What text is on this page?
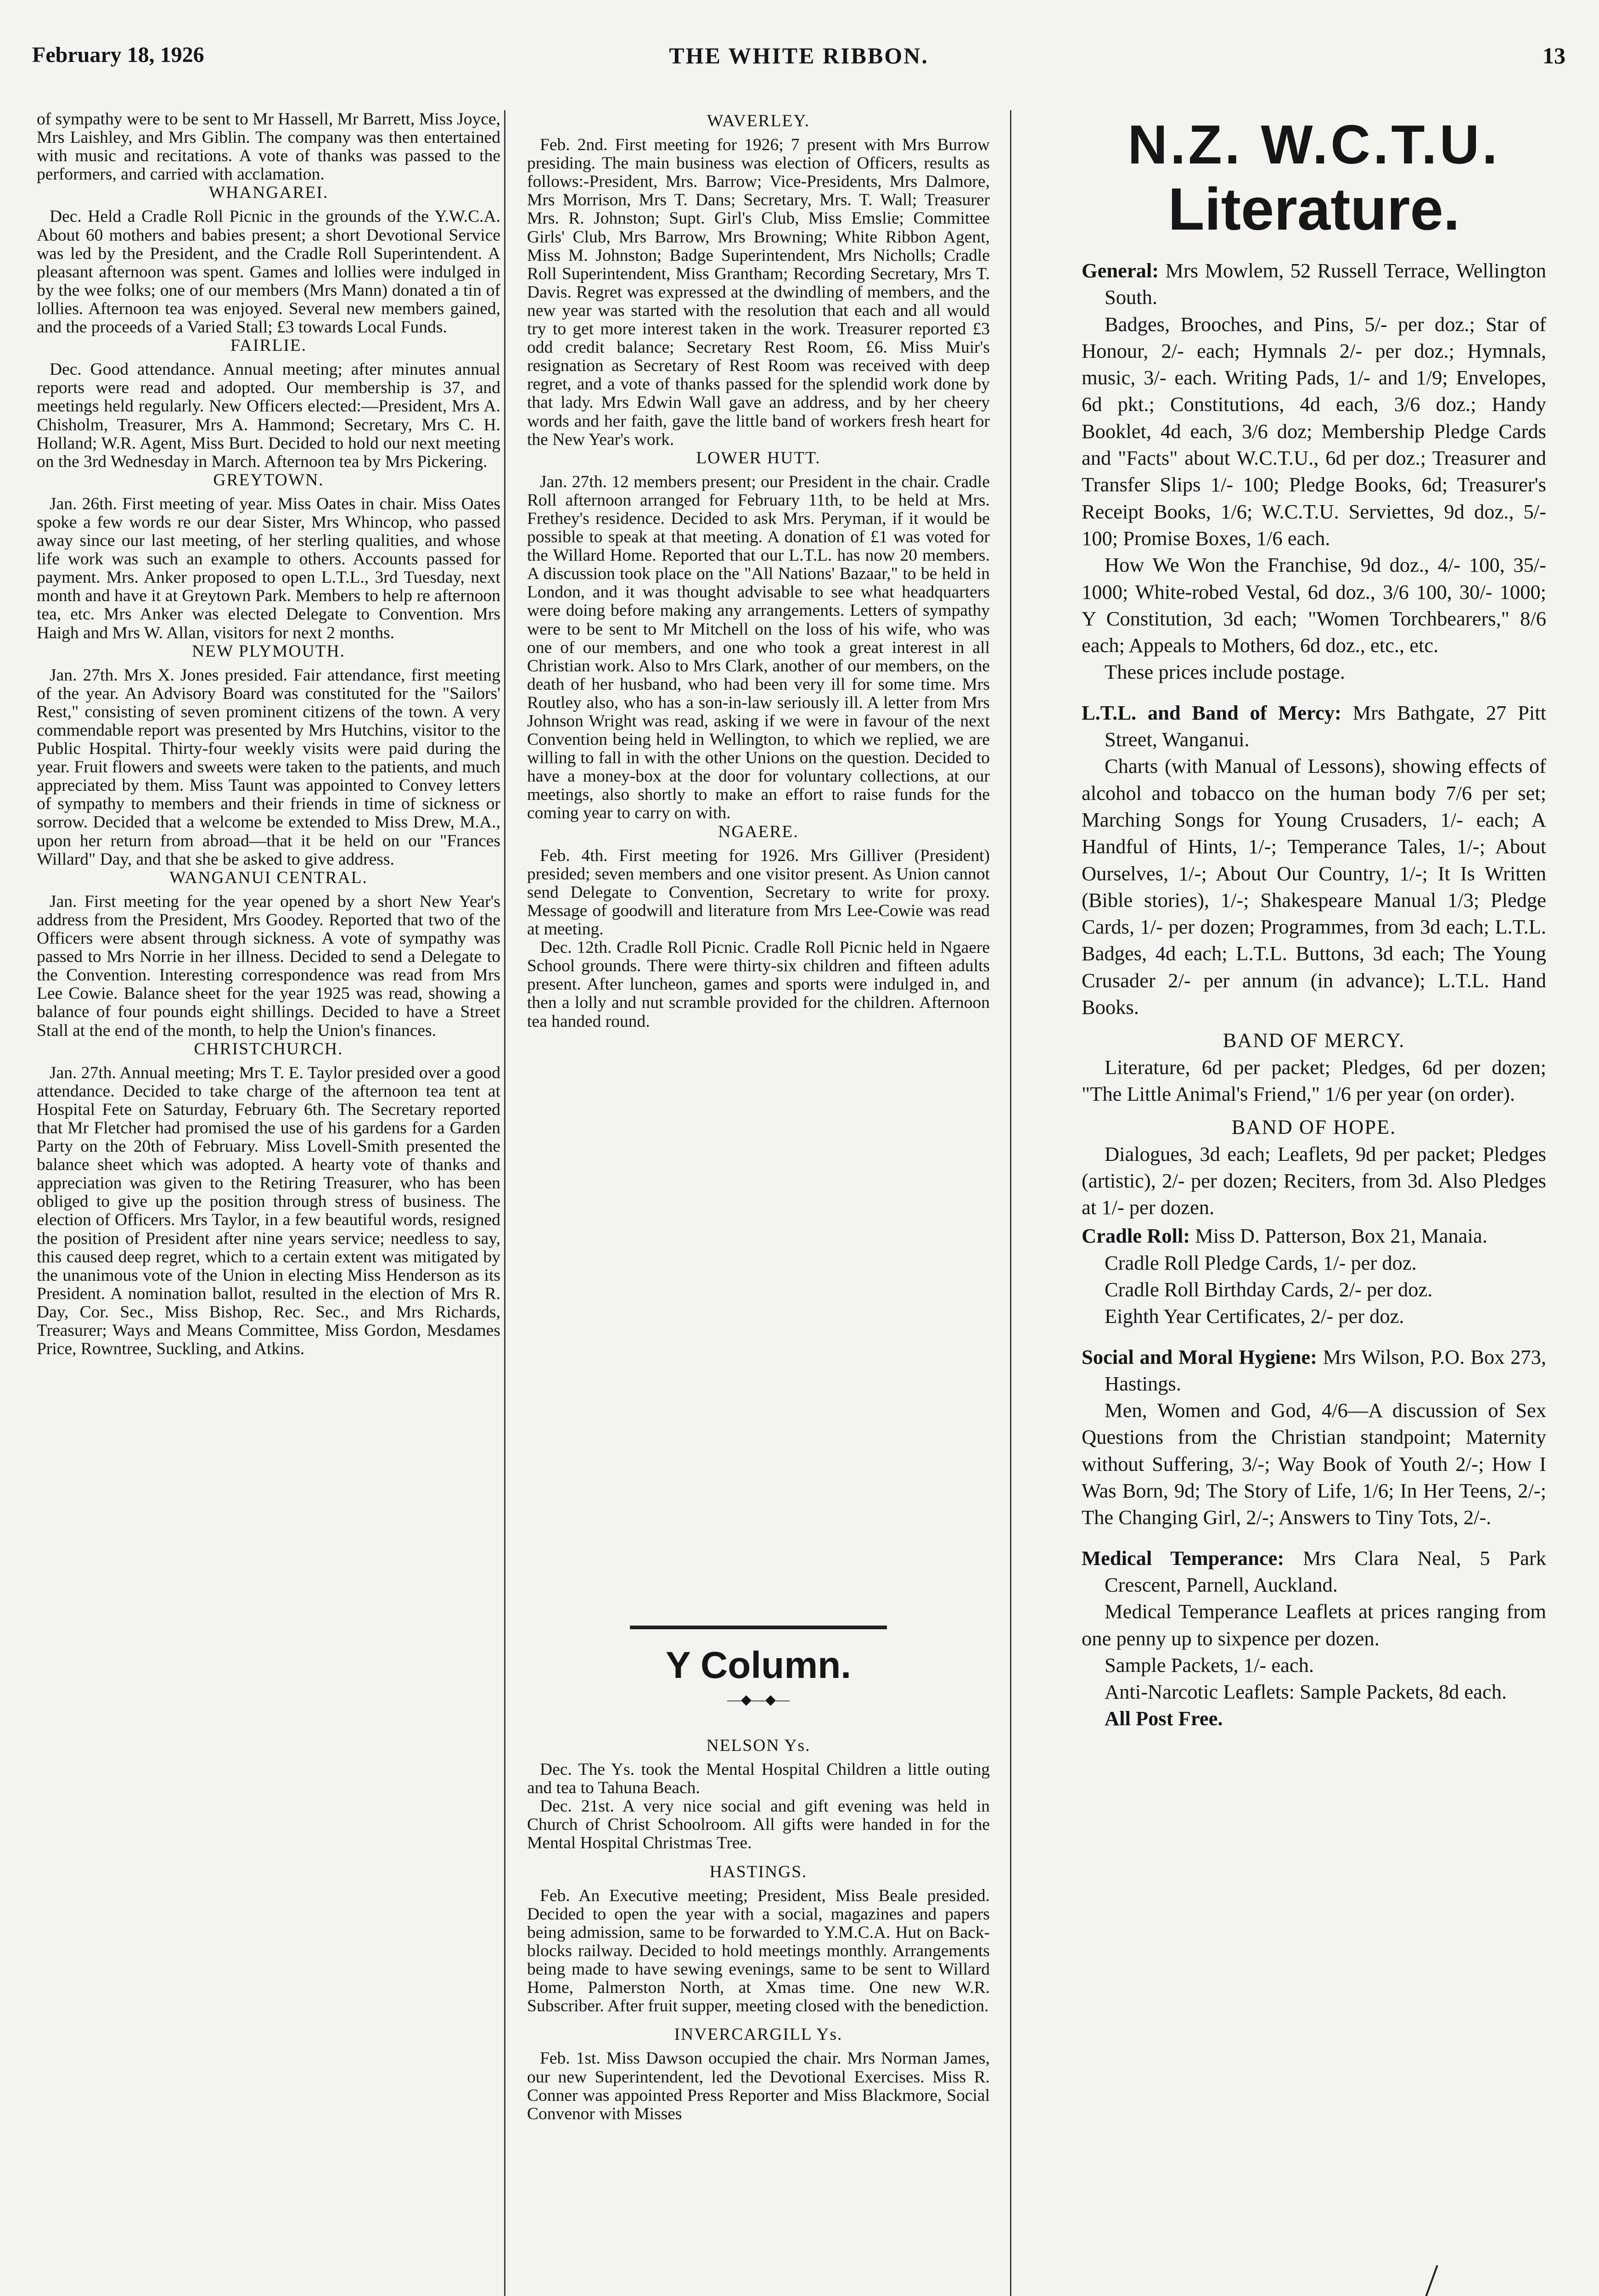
February 18, 1926	THE WHITE RIBBON.	13

of sympathy were to be sent to Mr Hassell, Mr Barrett, Miss Joyce, Mrs Laishley, and Mrs Giblin. The company was then entertained with music and recitations. A vote of thanks was passed to the performers, and carried with acclamation.

WHANGAREI.

Dec. Held a Cradle Roll Picnic in the grounds of the Y.W.C.A. About 60 mothers and babies present; a short Devotional Service was led by the President, and the Cradle Roll Superintendent. A pleasant afternoon was spent. Games and lollies were indulged in by the wee folks; one of our members (Mrs Mann) donated a tin of lollies. Afternoon tea was enjoyed. Several new members gained, and the proceeds of a Varied Stall; £3 towards Local Funds.

FAIRLIE.

Dec. Good attendance. Annual meeting; after minutes annual reports were read and adopted. Our membership is 37, and meetings held regularly. New Officers elected:—President, Mrs A. Chisholm, Treasurer, Mrs A. Hammond; Secretary, Mrs C. H. Holland; W.R. Agent, Miss Burt. Decided to hold our next meeting on the 3rd Wednesday in March. Afternoon tea by Mrs Pickering.

GREYTOWN.

Jan. 26th. First meeting of year. Miss Oates in chair. Miss Oates spoke a few words re our dear Sister, Mrs Whincop, who passed away since our last meeting, of her sterling qualities, and whose life work was such an example to others. Accounts passed for payment. Mrs. Anker proposed to open L.T.L., 3rd Tuesday, next month and have it at Greytown Park. Members to help re afternoon tea, etc. Mrs Anker was elected Delegate to Convention. Mrs Haigh and Mrs W. Allan, visitors for next 2 months.

NEW PLYMOUTH.

Jan. 27th. Mrs X. Jones presided. Fair attendance, first meeting of the year. An Advisory Board was constituted for the "Sailors' Rest," consisting of seven prominent citizens of the town. A very commendable report was presented by Mrs Hutchins, visitor to the Public Hospital. Thirty-four weekly visits were paid during the year. Fruit flowers and sweets were taken to the patients, and much appreciated by them. Miss Taunt was appointed to Convey letters of sympathy to members and their friends in time of sickness or sorrow. Decided that a welcome be extended to Miss Drew, M.A., upon her return from abroad—that it be held on our "Frances Willard" Day, and that she be asked to give address.

WANGANUI CENTRAL.

Jan. First meeting for the year opened by a short New Year's address from the President, Mrs Goodey. Reported that two of the Officers were absent through sickness. A vote of sympathy was passed to Mrs Norrie in her illness. Decided to send a Delegate to the Convention. Interesting correspondence was read from Mrs Lee Cowie. Balance sheet for the year 1925 was read, showing a balance of four pounds eight shillings. Decided to have a Street Stall at the end of the month, to help the Union's finances.

CHRISTCHURCH.

Jan. 27th. Annual meeting; Mrs T. E. Taylor presided over a good attendance. Decided to take charge of the afternoon tea tent at Hospital Fete on Saturday, February 6th. The Secretary reported that Mr Fletcher had promised the use of his gardens for a Garden Party on the 20th of February. Miss Lovell-Smith presented the balance sheet which was adopted. A hearty vote of thanks and appreciation was given to the Retiring Treasurer, who has been obliged to give up the position through stress of business. The election of Officers. Mrs Taylor, in a few beautiful words, resigned the position of President after nine years service; needless to say, this caused deep regret, which to a certain extent was mitigated by the unanimous vote of the Union in electing Miss Henderson as its President. A nomination ballot, resulted in the election of Mrs R. Day, Cor. Sec., Miss Bishop, Rec. Sec., and Mrs Richards, Treasurer; Ways and Means Committee, Miss Gordon, Mesdames Price, Rowntree, Suckling, and Atkins.

WAVERLEY.

Feb. 2nd. First meeting for 1926; 7 present with Mrs Burrow presiding. The main business was election of Officers, results as follows:-President, Mrs. Barrow; Vice-Presidents, Mrs Dalmore, Mrs Morrison, Mrs T. Dans; Secretary, Mrs. T. Wall; Treasurer Mrs. R. Johnston; Supt. Girl's Club, Miss Emslie; Committee Girls' Club, Mrs Barrow, Mrs Browning; White Ribbon Agent, Miss M. Johnston; Badge Superintendent, Mrs Nicholls; Cradle Roll Superintendent, Miss Grantham; Recording Secretary, Mrs T. Davis. Regret was expressed at the dwindling of members, and the new year was started with the resolution that each and all would try to get more interest taken in the work. Treasurer reported £3 odd credit balance; Secretary Rest Room, £6. Miss Muir's resignation as Secretary of Rest Room was received with deep regret, and a vote of thanks passed for the splendid work done by that lady. Mrs Edwin Wall gave an address, and by her cheery words and her faith, gave the little band of workers fresh heart for the New Year's work.

LOWER HUTT.

Jan. 27th. 12 members present; our President in the chair. Cradle Roll afternoon arranged for February 11th, to be held at Mrs. Frethey's residence. Decided to ask Mrs. Peryman, if it would be possible to speak at that meeting. A donation of £1 was voted for the Willard Home. Reported that our L.T.L. has now 20 members. A discussion took place on the "All Nations' Bazaar," to be held in London, and it was thought advisable to see what headquarters were doing before making any arrangements. Letters of sympathy were to be sent to Mr Mitchell on the loss of his wife, who was one of our members, and one who took a great interest in all Christian work. Also to Mrs Clark, another of our members, on the death of her husband, who had been very ill for some time. Mrs Routley also, who has a son-in-law seriously ill. A letter from Mrs Johnson Wright was read, asking if we were in favour of the next Convention being held in Wellington, to which we replied, we are willing to fall in with the other Unions on the question. Decided to have a money-box at the door for voluntary collections, at our meetings, also shortly to make an effort to raise funds for the coming year to carry on with.

NGAERE.

Feb. 4th. First meeting for 1926. Mrs Gilliver (President) presided; seven members and one visitor present. As Union cannot send Delegate to Convention, Secretary to write for proxy. Message of goodwill and literature from Mrs Lee-Cowie was read at meeting.

Dec. 12th. Cradle Roll Picnic. Cradle Roll Picnic held in Ngaere School grounds. There were thirty-six children and fifteen adults present. After luncheon, games and sports were indulged in, and then a lolly and nut scramble provided for the children. Afternoon tea handed round.

Y Column.
—◆—◆—
NELSON Ys.

Dec. The Ys. took the Mental Hospital Children a little outing and tea to Tahuna Beach.

Dec. 21st. A very nice social and gift evening was held in Church of Christ Schoolroom. All gifts were handed in for the Mental Hospital Christmas Tree.

HASTINGS.

Feb. An Executive meeting; President, Miss Beale presided. Decided to open the year with a social, magazines and papers being admission, same to be forwarded to Y.M.C.A. Hut on Back-blocks railway. Decided to hold meetings monthly. Arrangements being made to have sewing evenings, same to be sent to Willard Home, Palmerston North, at Xmas time. One new W.R. Subscriber. After fruit supper, meeting closed with the benediction.

INVERCARGILL Ys.

Feb. 1st. Miss Dawson occupied the chair. Mrs Norman James, our new Superintendent, led the Devotional Exercises. Miss R. Conner was appointed Press Reporter and Miss Blackmore, Social Convenor with Misses

N.Z. W.C.T.U.
Literature.

General: Mrs Mowlem, 52 Russell Terrace, Wellington South.

Badges, Brooches, and Pins, 5/- per doz.; Star of Honour, 2/- each; Hymnals 2/- per doz.; Hymnals, music, 3/- each. Writing Pads, 1/- and 1/9; Envelopes, 6d pkt.; Constitutions, 4d each, 3/6 doz.; Handy Booklet, 4d each, 3/6 doz; Membership Pledge Cards and "Facts" about W.C.T.U., 6d per doz.; Treasurer and Transfer Slips 1/- 100; Pledge Books, 6d; Treasurer's Receipt Books, 1/6; W.C.T.U. Serviettes, 9d doz., 5/- 100; Promise Boxes, 1/6 each.

How We Won the Franchise, 9d doz., 4/- 100, 35/- 1000; White-robed Vestal, 6d doz., 3/6 100, 30/- 1000; Y Constitution, 3d each; "Women Torchbearers," 8/6 each; Appeals to Mothers, 6d doz., etc., etc.

These prices include postage.

L.T.L. and Band of Mercy: Mrs Bathgate, 27 Pitt Street, Wanganui.

Charts (with Manual of Lessons), showing effects of alcohol and tobacco on the human body 7/6 per set; Marching Songs for Young Crusaders, 1/- each; A Handful of Hints, 1/-; Temperance Tales, 1/-; About Ourselves, 1/-; About Our Country, 1/-; It Is Written (Bible stories), 1/-; Shakespeare Manual 1/3; Pledge Cards, 1/- per dozen; Programmes, from 3d each; L.T.L. Badges, 4d each; L.T.L. Buttons, 3d each; The Young Crusader 2/- per annum (in advance); L.T.L. Hand Books.

BAND OF MERCY.

Literature, 6d per packet; Pledges, 6d per dozen; "The Little Animal's Friend," 1/6 per year (on order).

BAND OF HOPE.

Dialogues, 3d each; Leaflets, 9d per packet; Pledges (artistic), 2/- per dozen; Reciters, from 3d. Also Pledges at 1/- per dozen.

Cradle Roll: Miss D. Patterson, Box 21, Manaia.

Cradle Roll Pledge Cards, 1/- per doz.

Cradle Roll Birthday Cards, 2/- per doz.

Eighth Year Certificates, 2/- per doz.

Social and Moral Hygiene: Mrs Wilson, P.O. Box 273, Hastings.

Men, Women and God, 4/6—A discussion of Sex Questions from the Christian standpoint; Maternity without Suffering, 3/-; Way Book of Youth 2/-; How I Was Born, 9d; The Story of Life, 1/6; In Her Teens, 2/-; The Changing Girl, 2/-; Answers to Tiny Tots, 2/-.

Medical Temperance: Mrs Clara Neal, 5 Park Crescent, Parnell, Auckland.

Medical Temperance Leaflets at prices ranging from one penny up to sixpence per dozen.

Sample Packets, 1/- each.

Anti-Narcotic Leaflets: Sample Packets, 8d each.

All Post Free.
